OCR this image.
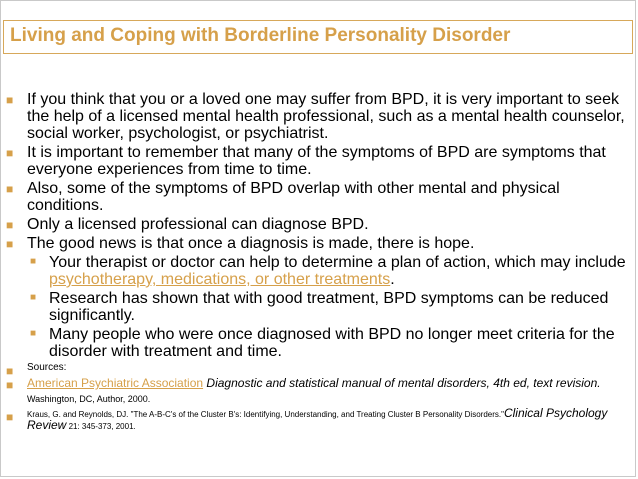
Living and Coping with Borderline Personality Disorder
■ If you think that you or a loved one may suffer from BPD, it is very important to seek the help of a licensed mental health professional, such as a mental health counselor, social worker, psychologist, or psychiatrist.
■ It is important to remember that many of the symptoms of BPD are symptoms that everyone experiences from time to time.
■ Also, some of the symptoms of BPD overlap with other mental and physical conditions.
■ Only a licensed professional can diagnose BPD.
■ The good news is that once a diagnosis is made, there is hope.
■ Your therapist or doctor can help to determine a plan of action, which may include psychotherapy, medications, or other treatments.
■ Research has shown that with good treatment, BPD symptoms can be reduced significantly.
■ Many people who were once diagnosed with BPD no longer meet criteria for the disorder with treatment and time.
■ Sources:
■ American Psychiatric Association Diagnostic and statistical manual of mental disorders, 4th ed, text revision. Washington, DC, Author, 2000.
■ Kraus, G. and Reynolds, DJ. "The A-B-C's of the Cluster B's: Identifying, Understanding, and Treating Cluster B Personality Disorders."Clinical Psychology Review 21: 345-373, 2001.
